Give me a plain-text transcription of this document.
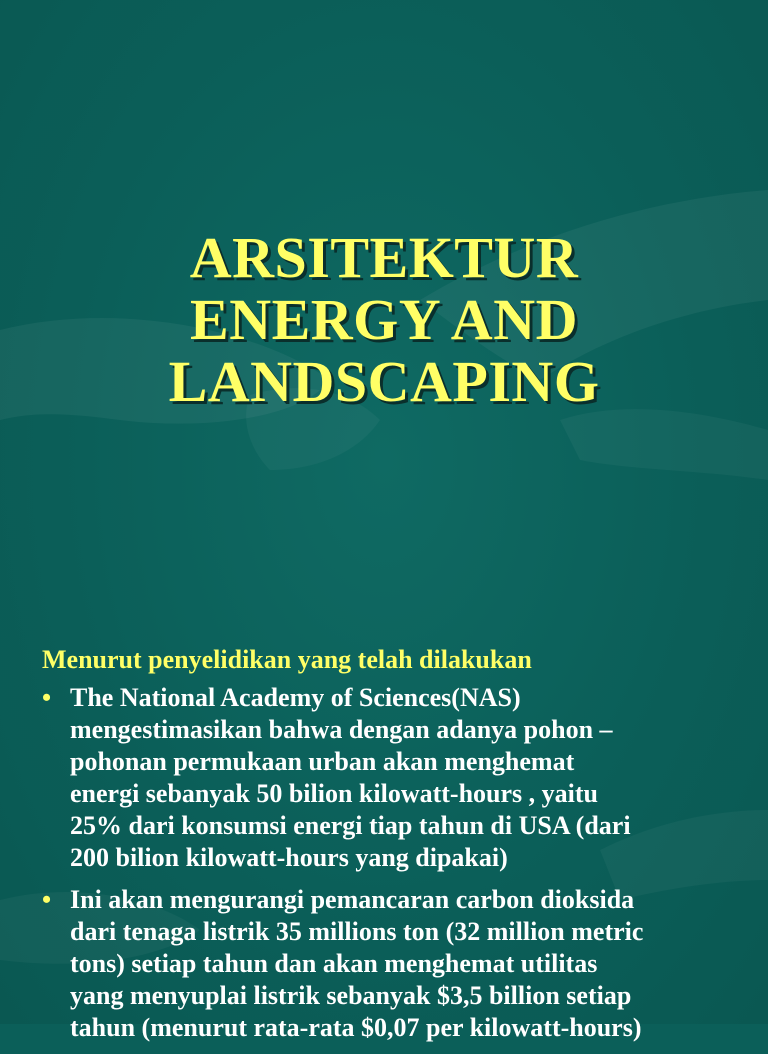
ARSITEKTUR
ENERGY AND
LANDSCAPING
Menurut penyelidikan yang telah dilakukan
• The National Academy of Sciences(NAS)
mengestimasikan bahwa dengan adanya pohon –
pohonan permukaan urban akan menghemat
energi sebanyak 50 bilion kilowatt-hours , yaitu
25% dari konsumsi energi tiap tahun di USA (dari
200 bilion kilowatt-hours yang dipakai)
• Ini akan mengurangi pemancaran carbon dioksida
dari tenaga listrik 35 millions ton (32 million metric
tons) setiap tahun dan akan menghemat utilitas
yang menyuplai listrik sebanyak $3,5 billion setiap
tahun (menurut rata-rata $0,07 per kilowatt-hours)
